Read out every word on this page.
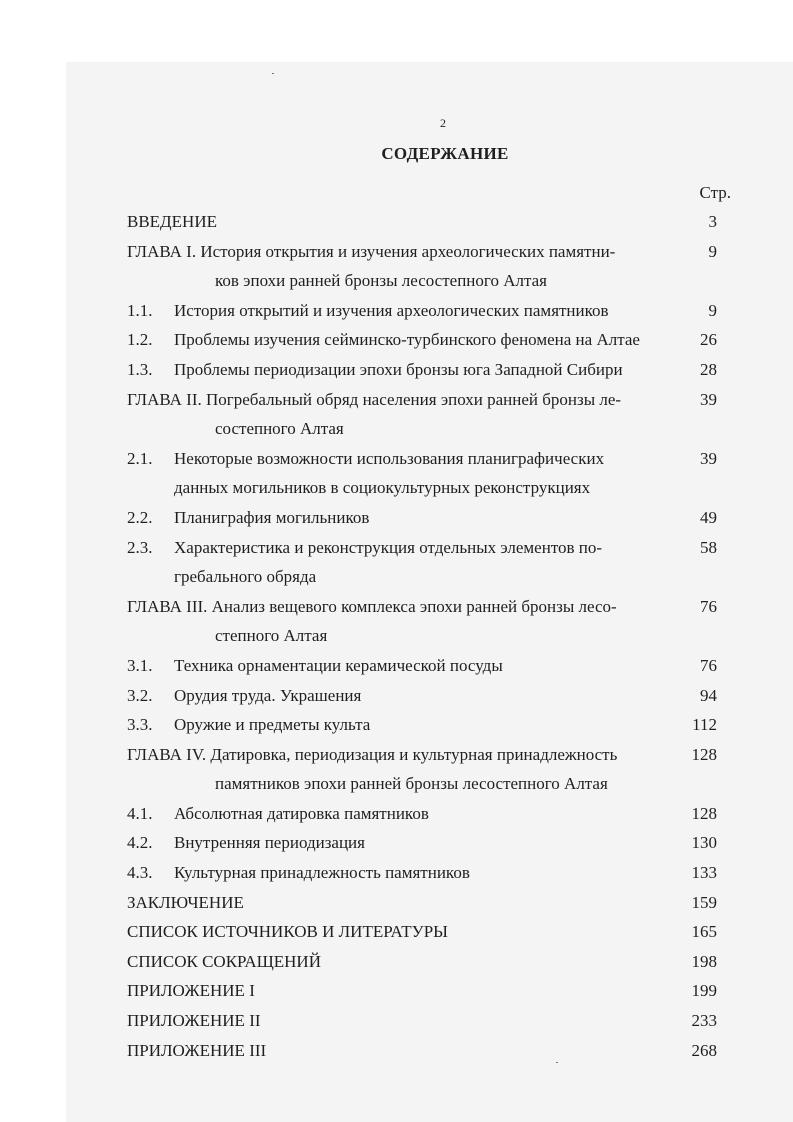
2
СОДЕРЖАНИЕ
Стр.
ВВЕДЕНИЕ	3
ГЛАВА I. История открытия и изучения археологических памятни-	9
ков эпохи ранней бронзы лесостепного Алтая
1.1. История открытий и изучения археологических памятников	9
1.2. Проблемы изучения сейминско-турбинского феномена на Алтае	26
1.3. Проблемы периодизации эпохи бронзы юга Западной Сибири	28
ГЛАВА II. Погребальный обряд населения эпохи ранней бронзы ле-	39
состепного Алтая
2.1. Некоторые возможности использования планиграфических	39
данных могильников в социокультурных реконструкциях
2.2. Планиграфия могильников	49
2.3. Характеристика и реконструкция отдельных элементов по-	58
гребального обряда
ГЛАВА III. Анализ вещевого комплекса эпохи ранней бронзы лесо-	76
степного Алтая
3.1. Техника орнаментации керамической посуды	76
3.2. Орудия труда. Украшения	94
3.3. Оружие и предметы культа	112
ГЛАВА IV. Датировка, периодизация и культурная принадлежность	128
памятников эпохи ранней бронзы лесостепного Алтая
4.1. Абсолютная датировка памятников	128
4.2. Внутренняя периодизация	130
4.3. Культурная принадлежность памятников	133
ЗАКЛЮЧЕНИЕ	159
СПИСОК ИСТОЧНИКОВ И ЛИТЕРАТУРЫ	165
СПИСОК СОКРАЩЕНИЙ	198
ПРИЛОЖЕНИЕ I	199
ПРИЛОЖЕНИЕ II	233
ПРИЛОЖЕНИЕ III	268
